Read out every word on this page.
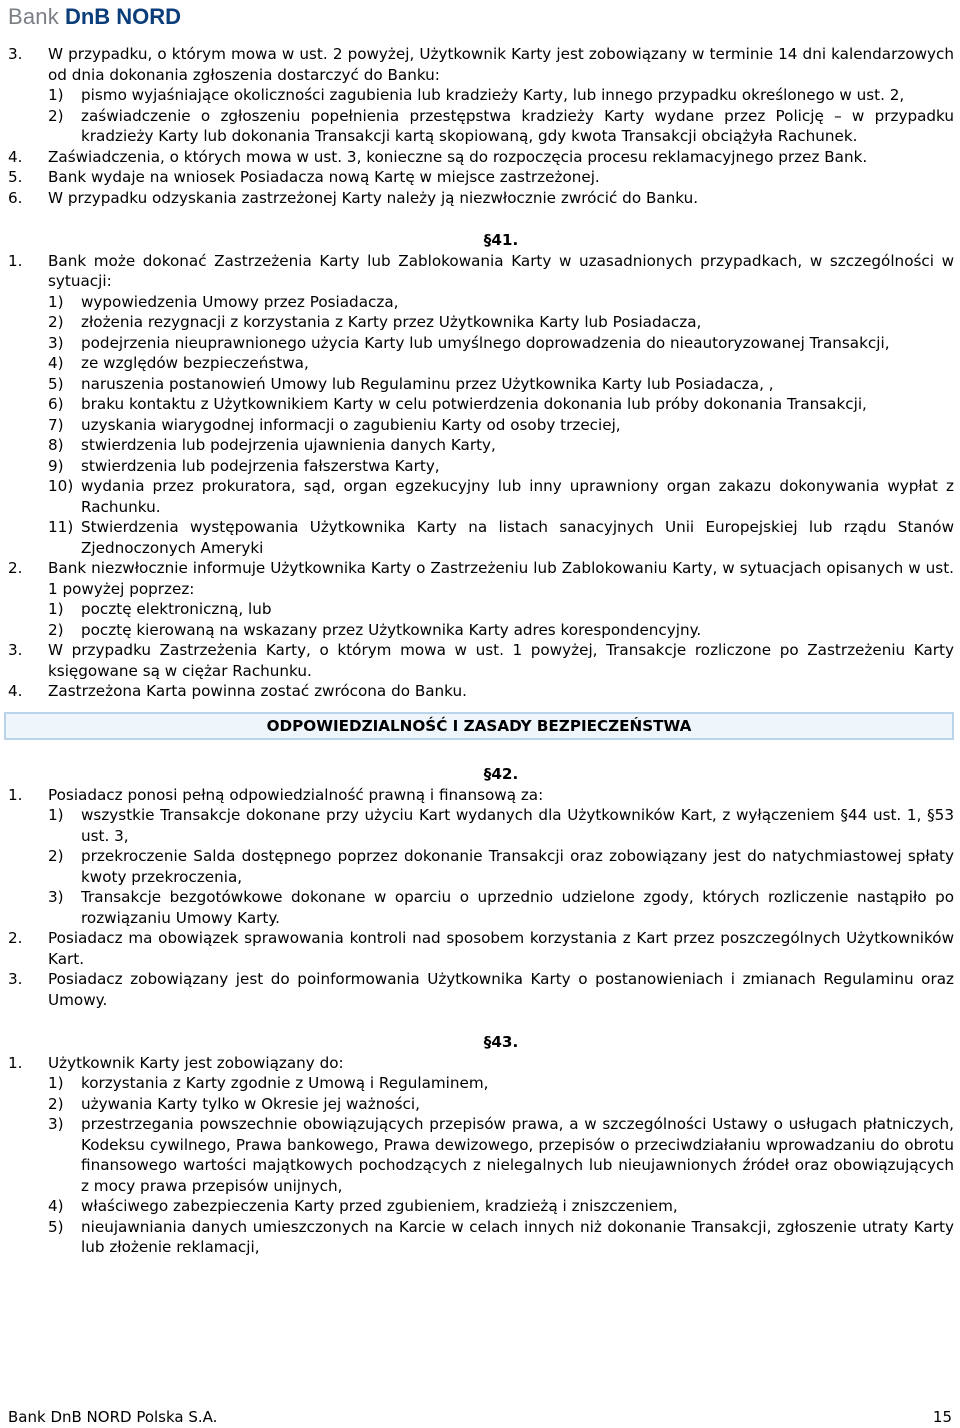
Bank DnB NORD
3.	W przypadku, o którym mowa w ust. 2 powyżej, Użytkownik Karty jest zobowiązany w terminie 14 dni kalendarzowych od dnia dokonania zgłoszenia dostarczyć do Banku:
1)	pismo wyjaśniające okoliczności zagubienia lub kradzieży Karty, lub innego przypadku określonego w ust. 2,
2)	zaświadczenie o zgłoszeniu popełnienia przestępstwa kradzieży Karty wydane przez Policję – w przypadku kradzieży Karty lub dokonania Transakcji kartą skopiowaną, gdy kwota Transakcji obciążyła Rachunek.
4.	Zaświadczenia, o których mowa w ust. 3, konieczne są do rozpoczęcia procesu reklamacyjnego przez Bank.
5.	Bank wydaje na wniosek Posiadacza nową Kartę w miejsce zastrzeżonej.
6.	W przypadku odzyskania zastrzeżonej Karty należy ją niezwłocznie zwrócić do Banku.
§41.
1.	Bank może dokonać Zastrzeżenia Karty lub Zablokowania Karty w uzasadnionych przypadkach, w szczególności w sytuacji:
1)	wypowiedzenia Umowy przez Posiadacza,
2)	złożenia rezygnacji z korzystania z Karty przez Użytkownika Karty lub Posiadacza,
3)	podejrzenia nieuprawnionego użycia Karty lub umyślnego doprowadzenia do nieautoryzowanej Transakcji,
4)	ze względów bezpieczeństwa,
5)	naruszenia postanowień Umowy lub Regulaminu przez Użytkownika Karty lub Posiadacza, ,
6)	braku kontaktu z Użytkownikiem Karty w celu potwierdzenia dokonania lub próby dokonania Transakcji,
7)	uzyskania wiarygodnej informacji o zagubieniu Karty od osoby trzeciej,
8)	stwierdzenia lub podejrzenia ujawnienia danych Karty,
9)	stwierdzenia lub podejrzenia fałszerstwa Karty,
10) wydania przez prokuratora, sąd, organ egzekucyjny lub inny uprawniony organ zakazu dokonywania wypłat z Rachunku.
11) Stwierdzenia występowania Użytkownika Karty na listach sanacyjnych Unii Europejskiej lub rządu Stanów Zjednoczonych Ameryki
2.	Bank niezwłocznie informuje Użytkownika Karty o Zastrzeżeniu lub Zablokowaniu Karty, w sytuacjach opisanych w ust. 1 powyżej poprzez:
1)	pocztę elektroniczną, lub
2)	pocztę kierowaną na wskazany przez Użytkownika Karty adres korespondencyjny.
3.	W przypadku Zastrzeżenia Karty, o którym mowa w ust. 1 powyżej, Transakcje rozliczone po Zastrzeżeniu Karty księgowane są w ciężar Rachunku.
4.	Zastrzeżona Karta powinna zostać zwrócona do Banku.
ODPOWIEDZIALNOŚĆ I ZASADY BEZPIECZEŃSTWA
§42.
1.	Posiadacz ponosi pełną odpowiedzialność prawną i finansową za:
1)	wszystkie Transakcje dokonane przy użyciu Kart wydanych dla Użytkowników Kart, z wyłączeniem §44 ust. 1, §53 ust. 3,
2)	przekroczenie Salda dostępnego poprzez dokonanie Transakcji oraz zobowiązany jest do natychmiastowej spłaty kwoty przekroczenia,
3)	Transakcje bezgotówkowe dokonane w oparciu o uprzednio udzielone zgody, których rozliczenie nastąpiło po rozwiązaniu Umowy Karty.
2.	Posiadacz ma obowiązek sprawowania kontroli nad sposobem korzystania z Kart przez poszczególnych Użytkowników Kart.
3.	Posiadacz zobowiązany jest do poinformowania Użytkownika Karty o postanowieniach i zmianach Regulaminu oraz Umowy.
§43.
1.	Użytkownik Karty jest zobowiązany do:
1)	korzystania z Karty zgodnie z Umową i Regulaminem,
2)	używania Karty tylko w Okresie jej ważności,
3)	przestrzegania powszechnie obowiązujących przepisów prawa, a w szczególności Ustawy o usługach płatniczych, Kodeksu cywilnego, Prawa bankowego, Prawa dewizowego, przepisów o przeciwdziałaniu wprowadzaniu do obrotu finansowego wartości majątkowych pochodzących z nielegalnych lub nieujawnionych źródeł oraz obowiązujących z mocy prawa przepisów unijnych,
4)	właściwego zabezpieczenia Karty przed zgubieniem, kradzieżą i zniszczeniem,
5)	nieujawniania danych umieszczonych na Karcie w celach innych niż dokonanie Transakcji, zgłoszenie utraty Karty lub złożenie reklamacji,
Bank DnB NORD Polska S.A.	15
